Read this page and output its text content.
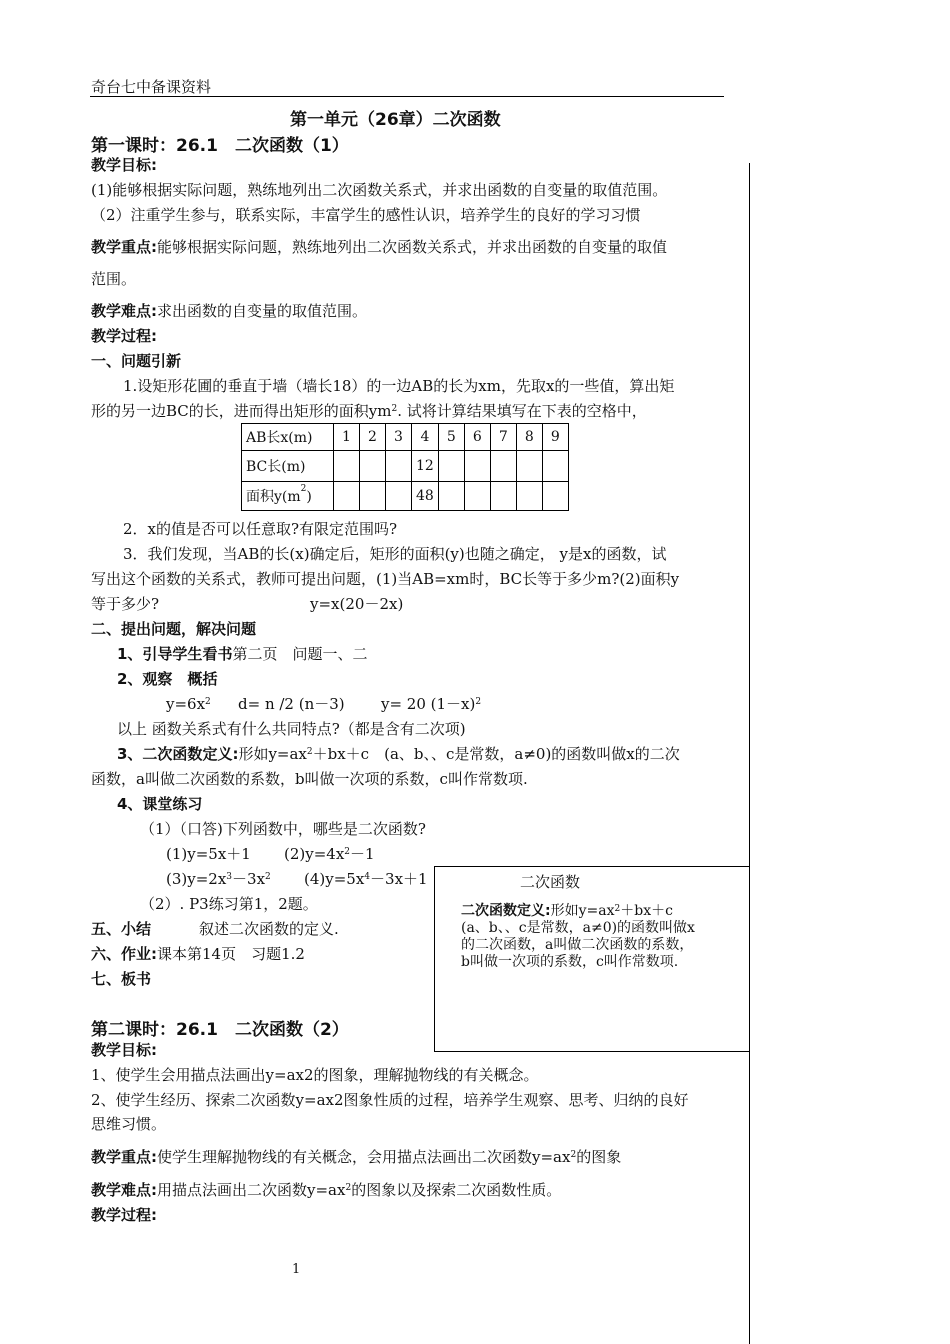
奇台七中备课资料
第一单元（26章）二次函数
第一课时：26.1　二次函数（1）
教学目标:
(1)能够根据实际问题，熟练地列出二次函数关系式，并求出函数的自变量的取值范围。
（2）注重学生参与，联系实际，丰富学生的感性认识，培养学生的良好的学习习惯
教学重点:能够根据实际问题，熟练地列出二次函数关系式，并求出函数的自变量的取值
范围。
教学难点:求出函数的自变量的取值范围。
教学过程:
一、问题引新
1.设矩形花圃的垂直于墙（墙长18）的一边AB的长为xm，先取x的一些值，算出矩
形的另一边BC的长，进而得出矩形的面积$ym^2$. 试将计算结果填写在下表的空格中，
AB长x(m)	1	2	3	4	5	6	7	8	9
BC长(m)				12					
面积$y(m^2)$				48					
2．x的值是否可以任意取?有限定范围吗?
3．我们发现，当AB的长(x)确定后，矩形的面积(y)也随之确定， y是x的函数，试
写出这个函数的关系式，教师可提出问题，(1)当AB=xm时，BC长等于多少m?(2)面积y
等于多少?	y=x(20－2x)
二、提出问题，解决问题
1、引导学生看书第二页　问题一、二
2、观察　概括
$y=6x^2$ d= n /2 (n－3) y= 20 $(1-x)^2$
以上 函数关系式有什么共同特点?（都是含有二次项)
3、二次函数定义:形如$y=ax^2+bx+c$　(a、b、、c是常数，a≠0)的函数叫做x的二次
函数，a叫做二次函数的系数，b叫做一次项的系数，c叫作常数项.
4、课堂练习
（1）（口答)下列函数中，哪些是二次函数?
(1)y=5x＋1 $(2)y=4x^2-1$
$(3)y=2x^3-3x^2$ $(4)y=5x^4-3x+1$
（2）. P3练习第1，2题。
五、小结	叙述二次函数的定义.
六、作业:课本第14页　习题1.2
七、板书
二次函数
二次函数定义:形如$y=ax^2+bx+c$
(a、b、、c是常数，a≠0)的函数叫做x
的二次函数，a叫做二次函数的系数，
b叫做一次项的系数，c叫作常数项.
第二课时：26.1　二次函数（2）
教学目标:
1、使学生会用描点法画出y=ax2的图象，理解抛物线的有关概念。
2、使学生经历、探索二次函数y=ax2图象性质的过程，培养学生观察、思考、归纳的良好
思维习惯。
教学重点:使学生理解抛物线的有关概念，会用描点法画出二次函数$y=ax^2$的图象
教学难点:用描点法画出二次函数$y=ax^2$的图象以及探索二次函数性质。
教学过程:
1
